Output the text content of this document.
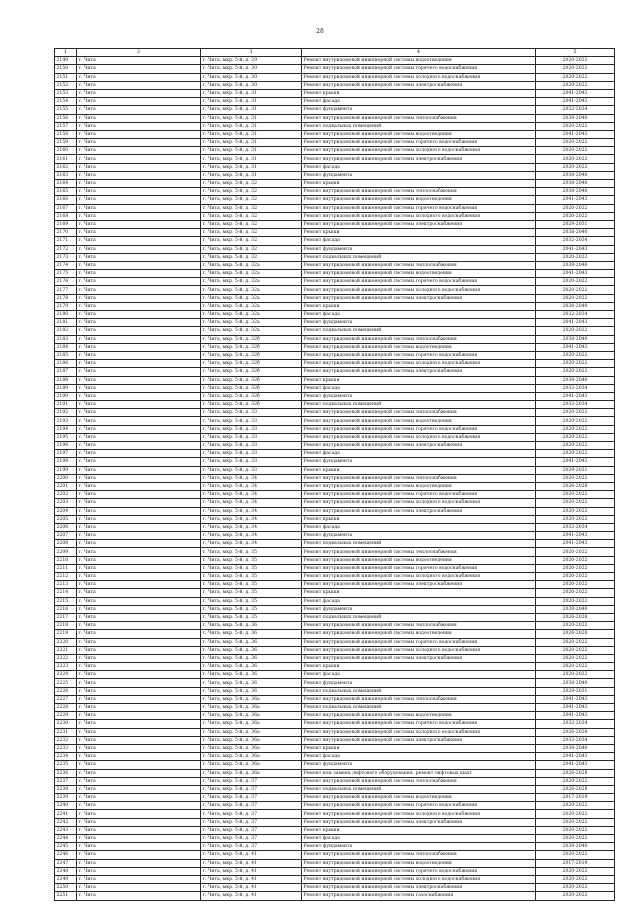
28
1	2	3	4	5
2149	г. Чита	г. Чита, мкр. 5-й, д. 29	Ремонт внутридомовой инженерной системы водоотведения	2020-2022
2150	г. Чита	г. Чита, мкр. 5-й, д. 30	Ремонт внутридомовой инженерной системы горячего водоснабжения	2020-2022
2151	г. Чита	г. Чита, мкр. 5-й, д. 30	Ремонт внутридомовой инженерной системы холодного водоснабжения	2020-2022
2152	г. Чита	г. Чита, мкр. 5-й, д. 30	Ремонт внутридомовой инженерной системы электроснабжения	2020-2022
2153	г. Чита	г. Чита, мкр. 5-й, д. 31	Ремонт крыши	2041-2043
2154	г. Чита	г. Чита, мкр. 5-й, д. 31	Ремонт фасада	2041-2043
2155	г. Чита	г. Чита, мкр. 5-й, д. 31	Ремонт фундамента	2032-2034
2156	г. Чита	г. Чита, мкр. 5-й, д. 31	Ремонт внутридомовой инженерной системы теплоснабжения	2038-2040
2157	г. Чита	г. Чита, мкр. 5-й, д. 31	Ремонт подвальных помещений	2020-2022
2158	г. Чита	г. Чита, мкр. 5-й, д. 31	Ремонт внутридомовой инженерной системы водоотведения	2041-2043
2159	г. Чита	г. Чита, мкр. 5-й, д. 31	Ремонт внутридомовой инженерной системы горячего водоснабжения	2020-2022
2160	г. Чита	г. Чита, мкр. 5-й, д. 31	Ремонт внутридомовой инженерной системы холодного водоснабжения	2020-2022
2161	г. Чита	г. Чита, мкр. 5-й, д. 31	Ремонт внутридомовой инженерной системы электроснабжения	2020-2022
2162	г. Чита	г. Чита, мкр. 5-й, д. 31	Ремонт фасада	2020-2022
2163	г. Чита	г. Чита, мкр. 5-й, д. 31	Ремонт фундамента	2038-2040
2164	г. Чита	г. Чита, мкр. 5-й, д. 32	Ремонт крыши	2038-2040
2165	г. Чита	г. Чита, мкр. 5-й, д. 32	Ремонт внутридомовой инженерной системы теплоснабжения	2038-2040
2166	г. Чита	г. Чита, мкр. 5-й, д. 32	Ремонт внутридомовой инженерной системы водоотведения	2041-2043
2167	г. Чита	г. Чита, мкр. 5-й, д. 32	Ремонт внутридомовой инженерной системы горячего водоснабжения	2020-2022
2168	г. Чита	г. Чита, мкр. 5-й, д. 32	Ремонт внутридомовой инженерной системы холодного водоснабжения	2020-2022
2169	г. Чита	г. Чита, мкр. 5-й, д. 32	Ремонт внутридомовой инженерной системы электроснабжения	2029-2031
2170	г. Чита	г. Чита, мкр. 5-й, д. 32	Ремонт крыши	2038-2040
2171	г. Чита	г. Чита, мкр. 5-й, д. 32	Ремонт фасада	2032-2034
2172	г. Чита	г. Чита, мкр. 5-й, д. 32	Ремонт фундамента	2041-2043
2173	г. Чита	г. Чита, мкр. 5-й, д. 32	Ремонт подвальных помещений	2020-2022
2174	г. Чита	г. Чита, мкр. 5-й, д. 32а	Ремонт внутридомовой инженерной системы теплоснабжения	2038-2040
2175	г. Чита	г. Чита, мкр. 5-й, д. 32а	Ремонт внутридомовой инженерной системы водоотведения	2041-2043
2176	г. Чита	г. Чита, мкр. 5-й, д. 32а	Ремонт внутридомовой инженерной системы горячего водоснабжения	2020-2022
2177	г. Чита	г. Чита, мкр. 5-й, д. 32а	Ремонт внутридомовой инженерной системы холодного водоснабжения	2020-2022
2178	г. Чита	г. Чита, мкр. 5-й, д. 32а	Ремонт внутридомовой инженерной системы электроснабжения	2020-2022
2179	г. Чита	г. Чита, мкр. 5-й, д. 32а	Ремонт крыши	2038-2040
2180	г. Чита	г. Чита, мкр. 5-й, д. 32а	Ремонт фасада	2032-2034
2181	г. Чита	г. Чита, мкр. 5-й, д. 32а	Ремонт фундамента	2041-2043
2182	г. Чита	г. Чита, мкр. 5-й, д. 32а	Ремонт подвальных помещений	2020-2022
2183	г. Чита	г. Чита, мкр. 5-й, д. 32б	Ремонт внутридомовой инженерной системы теплоснабжения	2038-2040
2184	г. Чита	г. Чита, мкр. 5-й, д. 32б	Ремонт внутридомовой инженерной системы водоотведения	2041-2043
2185	г. Чита	г. Чита, мкр. 5-й, д. 32б	Ремонт внутридомовой инженерной системы горячего водоснабжения	2020-2022
2186	г. Чита	г. Чита, мкр. 5-й, д. 32б	Ремонт внутридомовой инженерной системы холодного водоснабжения	2020-2022
2187	г. Чита	г. Чита, мкр. 5-й, д. 32б	Ремонт внутридомовой инженерной системы электроснабжения	2020-2022
2188	г. Чита	г. Чита, мкр. 5-й, д. 32б	Ремонт крыши	2038-2040
2189	г. Чита	г. Чита, мкр. 5-й, д. 32б	Ремонт фасада	2032-2034
2190	г. Чита	г. Чита, мкр. 5-й, д. 32б	Ремонт фундамента	2041-2043
2191	г. Чита	г. Чита, мкр. 5-й, д. 32б	Ремонт подвальных помещений	2032-2034
2192	г. Чита	г. Чита, мкр. 5-й, д. 33	Ремонт внутридомовой инженерной системы теплоснабжения	2020-2022
2193	г. Чита	г. Чита, мкр. 5-й, д. 33	Ремонт внутридомовой инженерной системы водоотведения	2020-2022
2194	г. Чита	г. Чита, мкр. 5-й, д. 33	Ремонт внутридомовой инженерной системы горячего водоснабжения	2020-2022
2195	г. Чита	г. Чита, мкр. 5-й, д. 33	Ремонт внутридомовой инженерной системы холодного водоснабжения	2020-2022
2196	г. Чита	г. Чита, мкр. 5-й, д. 33	Ремонт внутридомовой инженерной системы электроснабжения	2020-2022
2197	г. Чита	г. Чита, мкр. 5-й, д. 33	Ремонт фасада	2020-2022
2198	г. Чита	г. Чита, мкр. 5-й, д. 33	Ремонт фундамента	2041-2043
2199	г. Чита	г. Чита, мкр. 5-й, д. 33	Ремонт крыши	2029-2031
2200	г. Чита	г. Чита, мкр. 5-й, д. 34	Ремонт внутридомовой инженерной системы теплоснабжения	2020-2022
2201	г. Чита	г. Чита, мкр. 5-й, д. 34	Ремонт внутридомовой инженерной системы водоотведения	2026-2028
2202	г. Чита	г. Чита, мкр. 5-й, д. 34	Ремонт внутридомовой инженерной системы горячего водоснабжения	2020-2022
2203	г. Чита	г. Чита, мкр. 5-й, д. 34	Ремонт внутридомовой инженерной системы холодного водоснабжения	2020-2022
2204	г. Чита	г. Чита, мкр. 5-й, д. 34	Ремонт внутридомовой инженерной системы электроснабжения	2020-2022
2205	г. Чита	г. Чита, мкр. 5-й, д. 34	Ремонт крыши	2020-2022
2206	г. Чита	г. Чита, мкр. 5-й, д. 34	Ремонт фасада	2032-2034
2207	г. Чита	г. Чита, мкр. 5-й, д. 34	Ремонт фундамента	2041-2043
2208	г. Чита	г. Чита, мкр. 5-й, д. 34	Ремонт подвальных помещений	2041-2043
2209	г. Чита	г. Чита, мкр. 5-й, д. 35	Ремонт внутридомовой инженерной системы теплоснабжения	2020-2022
2210	г. Чита	г. Чита, мкр. 5-й, д. 35	Ремонт внутридомовой инженерной системы водоотведения	2020-2022
2211	г. Чита	г. Чита, мкр. 5-й, д. 35	Ремонт внутридомовой инженерной системы горячего водоснабжения	2020-2022
2212	г. Чита	г. Чита, мкр. 5-й, д. 35	Ремонт внутридомовой инженерной системы холодного водоснабжения	2020-2022
2213	г. Чита	г. Чита, мкр. 5-й, д. 35	Ремонт внутридомовой инженерной системы электроснабжения	2020-2022
2214	г. Чита	г. Чита, мкр. 5-й, д. 35	Ремонт крыши	2020-2022
2215	г. Чита	г. Чита, мкр. 5-й, д. 35	Ремонт фасада	2020-2022
2216	г. Чита	г. Чита, мкр. 5-й, д. 35	Ремонт фундамента	2038-2040
2217	г. Чита	г. Чита, мкр. 5-й, д. 35	Ремонт подвальных помещений	2026-2028
2218	г. Чита	г. Чита, мкр. 5-й, д. 36	Ремонт внутридомовой инженерной системы теплоснабжения	2020-2022
2219	г. Чита	г. Чита, мкр. 5-й, д. 36	Ремонт внутридомовой инженерной системы водоотведения	2026-2028
2220	г. Чита	г. Чита, мкр. 5-й, д. 36	Ремонт внутридомовой инженерной системы горячего водоснабжения	2020-2022
2221	г. Чита	г. Чита, мкр. 5-й, д. 36	Ремонт внутридомовой инженерной системы холодного водоснабжения	2020-2022
2222	г. Чита	г. Чита, мкр. 5-й, д. 36	Ремонт внутридомовой инженерной системы электроснабжения	2020-2022
2223	г. Чита	г. Чита, мкр. 5-й, д. 36	Ремонт крыши	2020-2022
2224	г. Чита	г. Чита, мкр. 5-й, д. 36	Ремонт фасада	2020-2022
2225	г. Чита	г. Чита, мкр. 5-й, д. 36	Ремонт фундамента	2038-2040
2226	г. Чита	г. Чита, мкр. 5-й, д. 36	Ремонт подвальных помещений	2029-2031
2227	г. Чита	г. Чита, мкр. 5-й, д. 36а	Ремонт внутридомовой инженерной системы теплоснабжения	2041-2043
2228	г. Чита	г. Чита, мкр. 5-й, д. 36а	Ремонт подвальных помещений	2041-2043
2229	г. Чита	г. Чита, мкр. 5-й, д. 36а	Ремонт внутридомовой инженерной системы водоотведения	2041-2043
2230	г. Чита	г. Чита, мкр. 5-й, д. 36а	Ремонт внутридомовой инженерной системы горячего водоснабжения	2032-2034
2231	г. Чита	г. Чита, мкр. 5-й, д. 36а	Ремонт внутридомовой инженерной системы холодного водоснабжения	2026-2028
2232	г. Чита	г. Чита, мкр. 5-й, д. 36а	Ремонт внутридомовой инженерной системы электроснабжения	2032-2034
2233	г. Чита	г. Чита, мкр. 5-й, д. 36а	Ремонт крыши	2038-2040
2234	г. Чита	г. Чита, мкр. 5-й, д. 36а	Ремонт фасада	2041-2043
2235	г. Чита	г. Чита, мкр. 5-й, д. 36а	Ремонт фундамента	2041-2043
2236	г. Чита	г. Чита, мкр. 5-й, д. 36а	Ремонт или замена лифтового оборудования, ремонт лифтовых шахт	2026-2028
2237	г. Чита	г. Чита, мкр. 5-й, д. 37	Ремонт внутридомовой инженерной системы теплоснабжения	2020-2022
2238	г. Чита	г. Чита, мкр. 5-й, д. 37	Ремонт подвальных помещений	2026-2028
2239	г. Чита	г. Чита, мкр. 5-й, д. 37	Ремонт внутридомовой инженерной системы водоотведения	2017-2019
2240	г. Чита	г. Чита, мкр. 5-й, д. 37	Ремонт внутридомовой инженерной системы горячего водоснабжения	2020-2022
2241	г. Чита	г. Чита, мкр. 5-й, д. 37	Ремонт внутридомовой инженерной системы холодного водоснабжения	2020-2022
2242	г. Чита	г. Чита, мкр. 5-й, д. 37	Ремонт внутридомовой инженерной системы электроснабжения	2020-2022
2243	г. Чита	г. Чита, мкр. 5-й, д. 37	Ремонт крыши	2020-2022
2244	г. Чита	г. Чита, мкр. 5-й, д. 37	Ремонт фасада	2020-2022
2245	г. Чита	г. Чита, мкр. 5-й, д. 37	Ремонт фундамента	2038-2040
2246	г. Чита	г. Чита, мкр. 5-й, д. 41	Ремонт внутридомовой инженерной системы теплоснабжения	2020-2022
2247	г. Чита	г. Чита, мкр. 5-й, д. 41	Ремонт внутридомовой инженерной системы водоотведения	2017-2019
2248	г. Чита	г. Чита, мкр. 5-й, д. 41	Ремонт внутридомовой инженерной системы горячего водоснабжения	2020-2022
2249	г. Чита	г. Чита, мкр. 5-й, д. 41	Ремонт внутридомовой инженерной системы холодного водоснабжения	2020-2022
2250	г. Чита	г. Чита, мкр. 5-й, д. 41	Ремонт внутридомовой инженерной системы электроснабжения	2020-2022
2251	г. Чита	г. Чита, мкр. 5-й, д. 41	Ремонт внутридомовой инженерной системы газоснабжения	2020-2022
